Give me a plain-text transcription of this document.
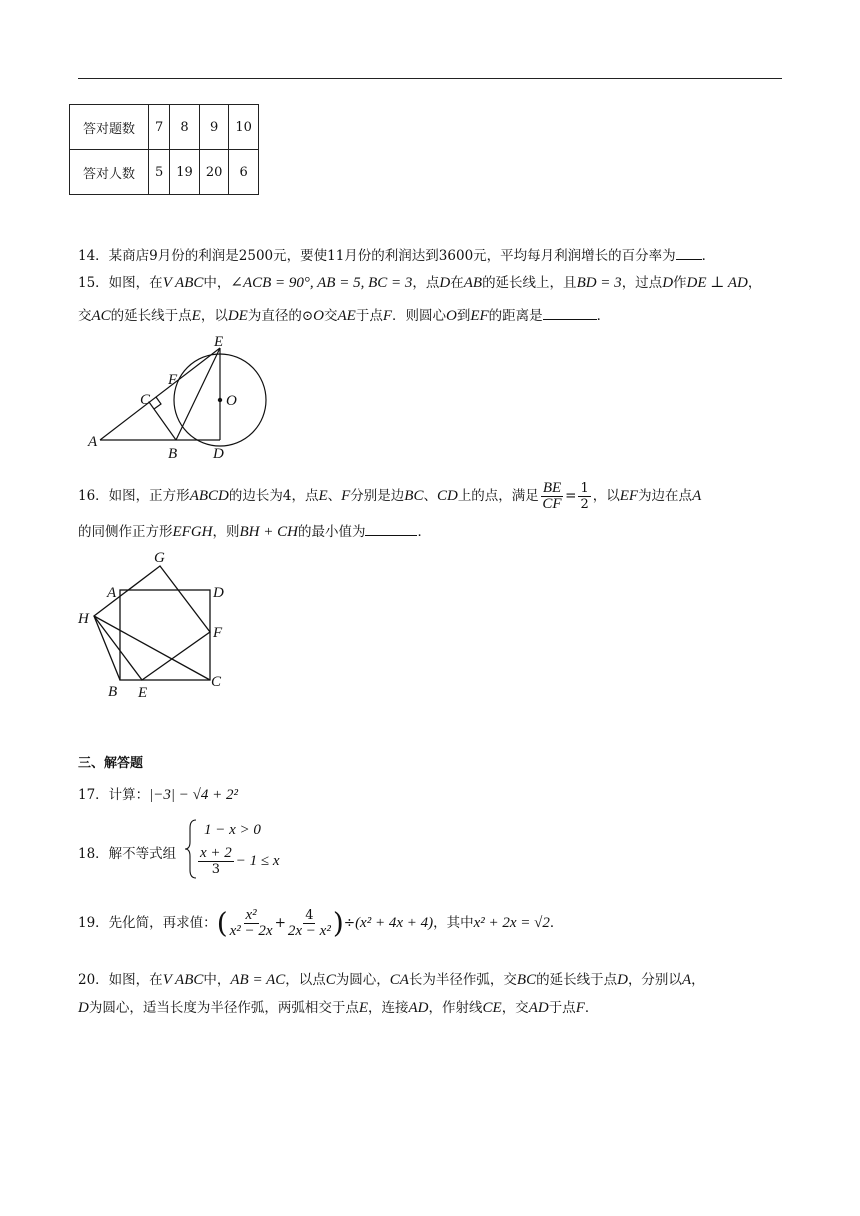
答对题数	7	8	9	10
答对人数	5	19	20	6
14．某商店9月份的利润是2500元，要使11月份的利润达到3600元，平均每月利润增长的百分率为 ．
15．如图，在V ABC中，∠ACB = 90°, AB = 5, BC = 3，点D在AB的延长线上，且BD = 3，过点D作DE ⊥ AD，
交AC的延长线于点E，以DE为直径的⊙O交AE于点F．则圆心O到EF的距离是	．
E
F
C	O
A
B D
16．如图，正方形ABCD的边长为4，点E、F分别是边BC、CD上的点，满足 $\frac{BE}{CF} = \frac{1}{2}$ ，以EF为边在点A
的同侧作正方形EFGH，则BH + CH的最小值为	．
G
A	D
H
F
B E
C
三、解答题
17．计算：|−3| − √4 + 2²
18．解不等式组
1 − x > 0
$\frac{x + 2}{3} - 1 \le x$
19．先化简，再求值：( $\frac{\text{x²}}{\text{x² − 2x}} + \frac{4}{\text{2x − x²}} )\div(x^2 + 4x + 4)$，其中x² + 2x = √2．
20．如图，在V ABC中，AB = AC，以点C为圆心，CA长为半径作弧，交BC的延长线于点D，分别以A，
D为圆心，适当长度为半径作弧，两弧相交于点E，连接AD，作射线CE，交AD于点F．
